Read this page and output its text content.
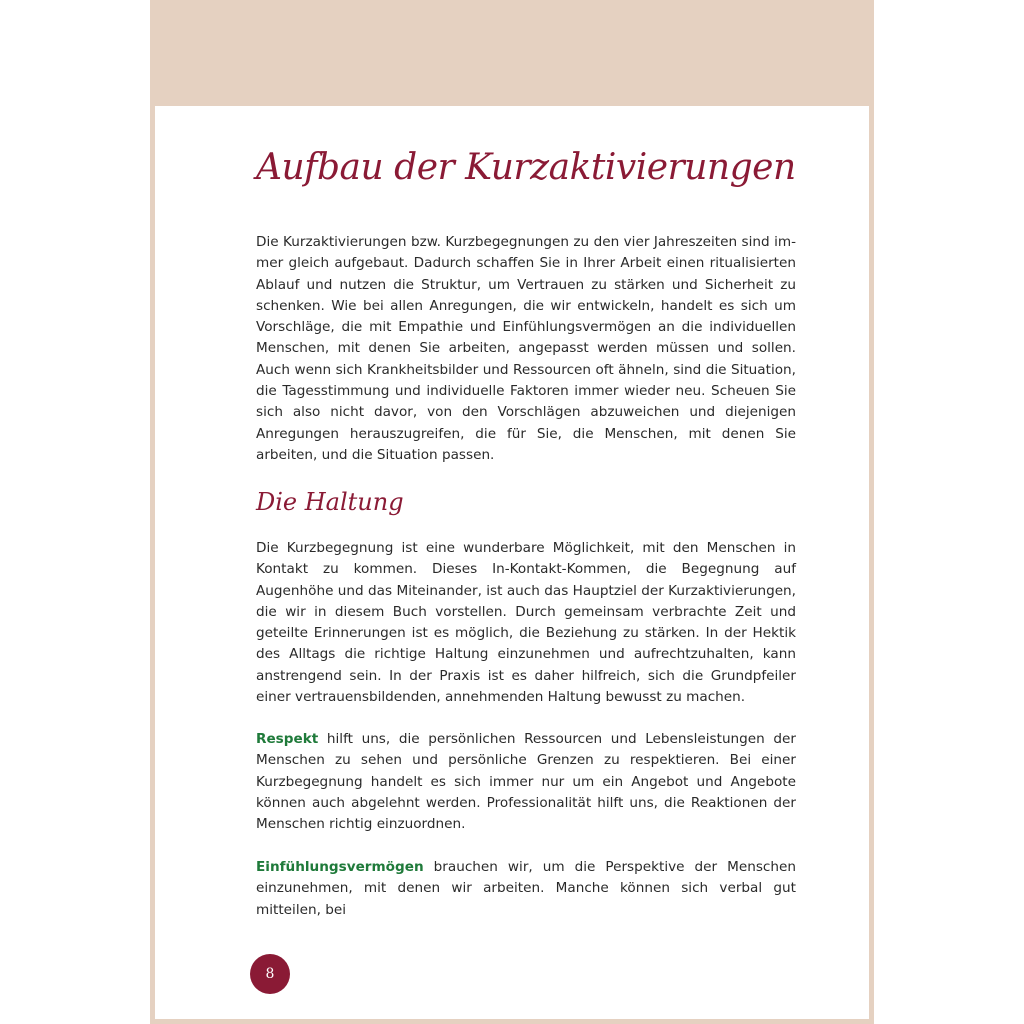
Aufbau der Kurzaktivierungen

Die Kurzaktivierungen bzw. Kurzbegegnungen zu den vier Jahreszeiten sind immer gleich aufgebaut. Dadurch schaffen Sie in Ihrer Arbeit einen ritualisierten Ablauf und nutzen die Struktur, um Vertrauen zu stärken und Sicherheit zu schenken. Wie bei allen Anregungen, die wir entwickeln, handelt es sich um Vorschläge, die mit Empathie und Einfühlungsvermögen an die individuellen Menschen, mit denen Sie arbeiten, angepasst werden müssen und sollen. Auch wenn sich Krankheitsbilder und Ressourcen oft ähneln, sind die Situation, die Tagesstimmung und individuelle Faktoren immer wieder neu. Scheuen Sie sich also nicht davor, von den Vorschlägen abzuweichen und diejenigen Anregungen herauszugreifen, die für Sie, die Menschen, mit denen Sie arbeiten, und die Situation passen.

Die Haltung

Die Kurzbegegnung ist eine wunderbare Möglichkeit, mit den Menschen in Kontakt zu kommen. Dieses In-Kontakt-Kommen, die Begegnung auf Augenhöhe und das Miteinander, ist auch das Hauptziel der Kurzaktivierungen, die wir in diesem Buch vorstellen. Durch gemeinsam verbrachte Zeit und geteilte Erinnerungen ist es möglich, die Beziehung zu stärken. In der Hektik des Alltags die richtige Haltung einzunehmen und aufrechtzuhalten, kann anstrengend sein. In der Praxis ist es daher hilfreich, sich die Grundpfeiler einer vertrauensbildenden, annehmenden Haltung bewusst zu machen.

Respekt hilft uns, die persönlichen Ressourcen und Lebensleistungen der Menschen zu sehen und persönliche Grenzen zu respektieren. Bei einer Kurzbegegnung handelt es sich immer nur um ein Angebot und Angebote können auch abgelehnt werden. Professionalität hilft uns, die Reaktionen der Menschen richtig einzuordnen.

Einfühlungsvermögen brauchen wir, um die Perspektive der Menschen einzunehmen, mit denen wir arbeiten. Manche können sich verbal gut mitteilen, bei

8
